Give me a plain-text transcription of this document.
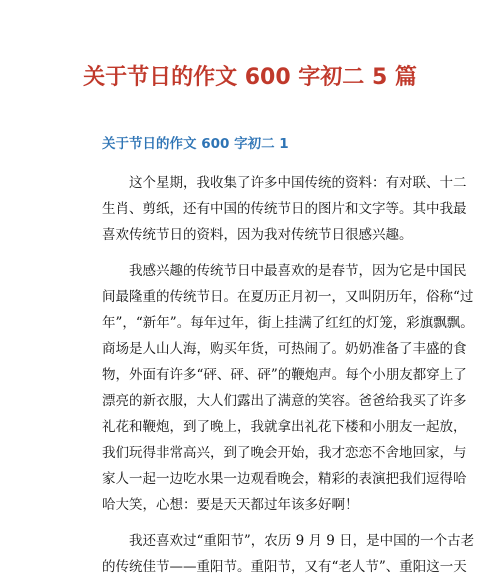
关于节日的作文 600 字初二 5 篇
关于节日的作文 600 字初二 1
这个星期，我收集了许多中国传统的资料：有对联、十二
生肖、剪纸，还有中国的传统节日的图片和文字等。其中我最
喜欢传统节日的资料，因为我对传统节日很感兴趣。
我感兴趣的传统节日中最喜欢的是春节，因为它是中国民
间最隆重的传统节日。在夏历正月初一，又叫阴历年，俗称“过
年”，“新年”。每年过年，街上挂满了红红的灯笼，彩旗飘飘。
商场是人山人海，购买年货，可热闹了。奶奶准备了丰盛的食
物，外面有许多“砰、砰、砰”的鞭炮声。每个小朋友都穿上了
漂亮的新衣服，大人们露出了满意的笑容。爸爸给我买了许多
礼花和鞭炮，到了晚上，我就拿出礼花下楼和小朋友一起放，
我们玩得非常高兴，到了晚会开始，我才恋恋不舍地回家，与
家人一起一边吃水果一边观看晚会，精彩的表演把我们逗得哈
哈大笑，心想：要是天天都过年该多好啊！
我还喜欢过“重阳节”，农历 9 月 9 日，是中国的一个古老
的传统佳节——重阳节。重阳节，又有“老人节”、重阳这一天
